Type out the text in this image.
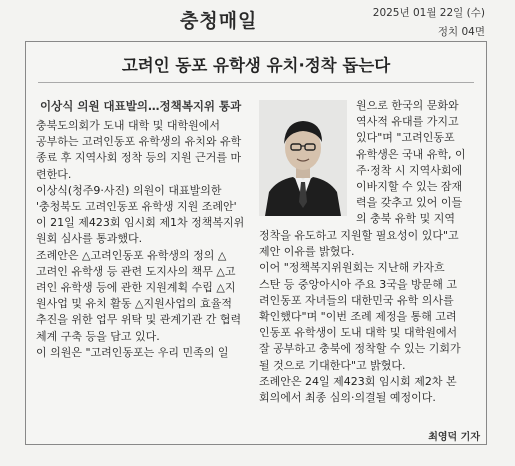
충청매일	2025년 01월 22일 (수)
정치 04면
고려인 동포 유학생 유치·정착 돕는다
이상식 의원 대표발의…정책복지위 통과
충북도의회가 도내 대학 및 대학원에서
공부하는 고려인동포 유학생의 유치와 유학
종료 후 지역사회 정착 등의 지원 근거를 마
련한다.
이상식(청주9·사진) 의원이 대표발의한
'충청북도 고려인동포 유학생 지원 조례안'
이 21일 제423회 임시회 제1차 정책복지위
원회 심사를 통과했다.
조례안은 △고려인동포 유학생의 정의 △
고려인 유학생 등 관련 도지사의 책무 △고
려인 유학생 등에 관한 지원계획 수립 △지
원사업 및 유치 활동 △지원사업의 효율적
추진을 위한 업무 위탁 및 관계기관 간 협력
체계 구축 등을 담고 있다.
이 의원은 "고려인동포는 우리 민족의 일
원으로 한국의 문화와
역사적 유대를 가지고
있다"며 "고려인동포
유학생은 국내 유학, 이
주·정착 시 지역사회에
이바지할 수 있는 잠재
력을 갖추고 있어 이들
의 충북 유학 및 지역
정착을 유도하고 지원할 필요성이 있다"고
제안 이유를 밝혔다.
이어 "정책복지위원회는 지난해 카자흐
스탄 등 중앙아시아 주요 3국을 방문해 고
려인동포 자녀들의 대한민국 유학 의사를
확인했다"며 "이번 조례 제정을 통해 고려
인동포 유학생이 도내 대학 및 대학원에서
잘 공부하고 충북에 정착할 수 있는 기회가
될 것으로 기대한다"고 밝혔다.
조례안은 24일 제423회 임시회 제2차 본
회의에서 최종 심의·의결될 예정이다.
최영덕 기자
